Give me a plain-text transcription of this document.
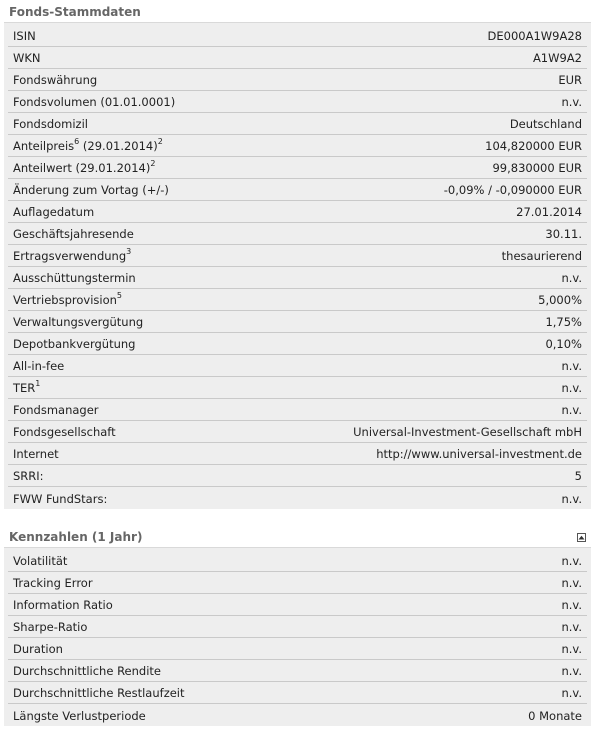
Fonds-Stammdaten
ISIN	DE000A1W9A28
WKN	A1W9A2
Fondswährung	EUR
Fondsvolumen (01.01.0001)	n.v.
Fondsdomizil	Deutschland
Anteilpreis$^6$ $(29.01.2014)^2$	104,820000 EUR
Anteilwert $(29.01.2014)^2$	99,830000 EUR
Änderung zum Vortag (+/-)	-0,09% / -0,090000 EUR
Auflagedatum	27.01.2014
Geschäftsjahresende	30.11.
Ertragsverwendung$^3$	thesaurierend
Ausschüttungstermin	n.v.
Vertriebsprovision$^5$	5,000%
Verwaltungsvergütung	1,75%
Depotbankvergütung	0,10%
All-in-fee	n.v.
TER$^1$	n.v.
Fondsmanager	n.v.
Fondsgesellschaft	Universal-Investment-Gesellschaft mbH
Internet	http://www.universal-investment.de
SRRI:	5
FWW FundStars:	n.v.
Kennzahlen (1 Jahr)
Volatilität	n.v.
Tracking Error	n.v.
Information Ratio	n.v.
Sharpe-Ratio	n.v.
Duration	n.v.
Durchschnittliche Rendite	n.v.
Durchschnittliche Restlaufzeit	n.v.
Längste Verlustperiode	0 Monate
